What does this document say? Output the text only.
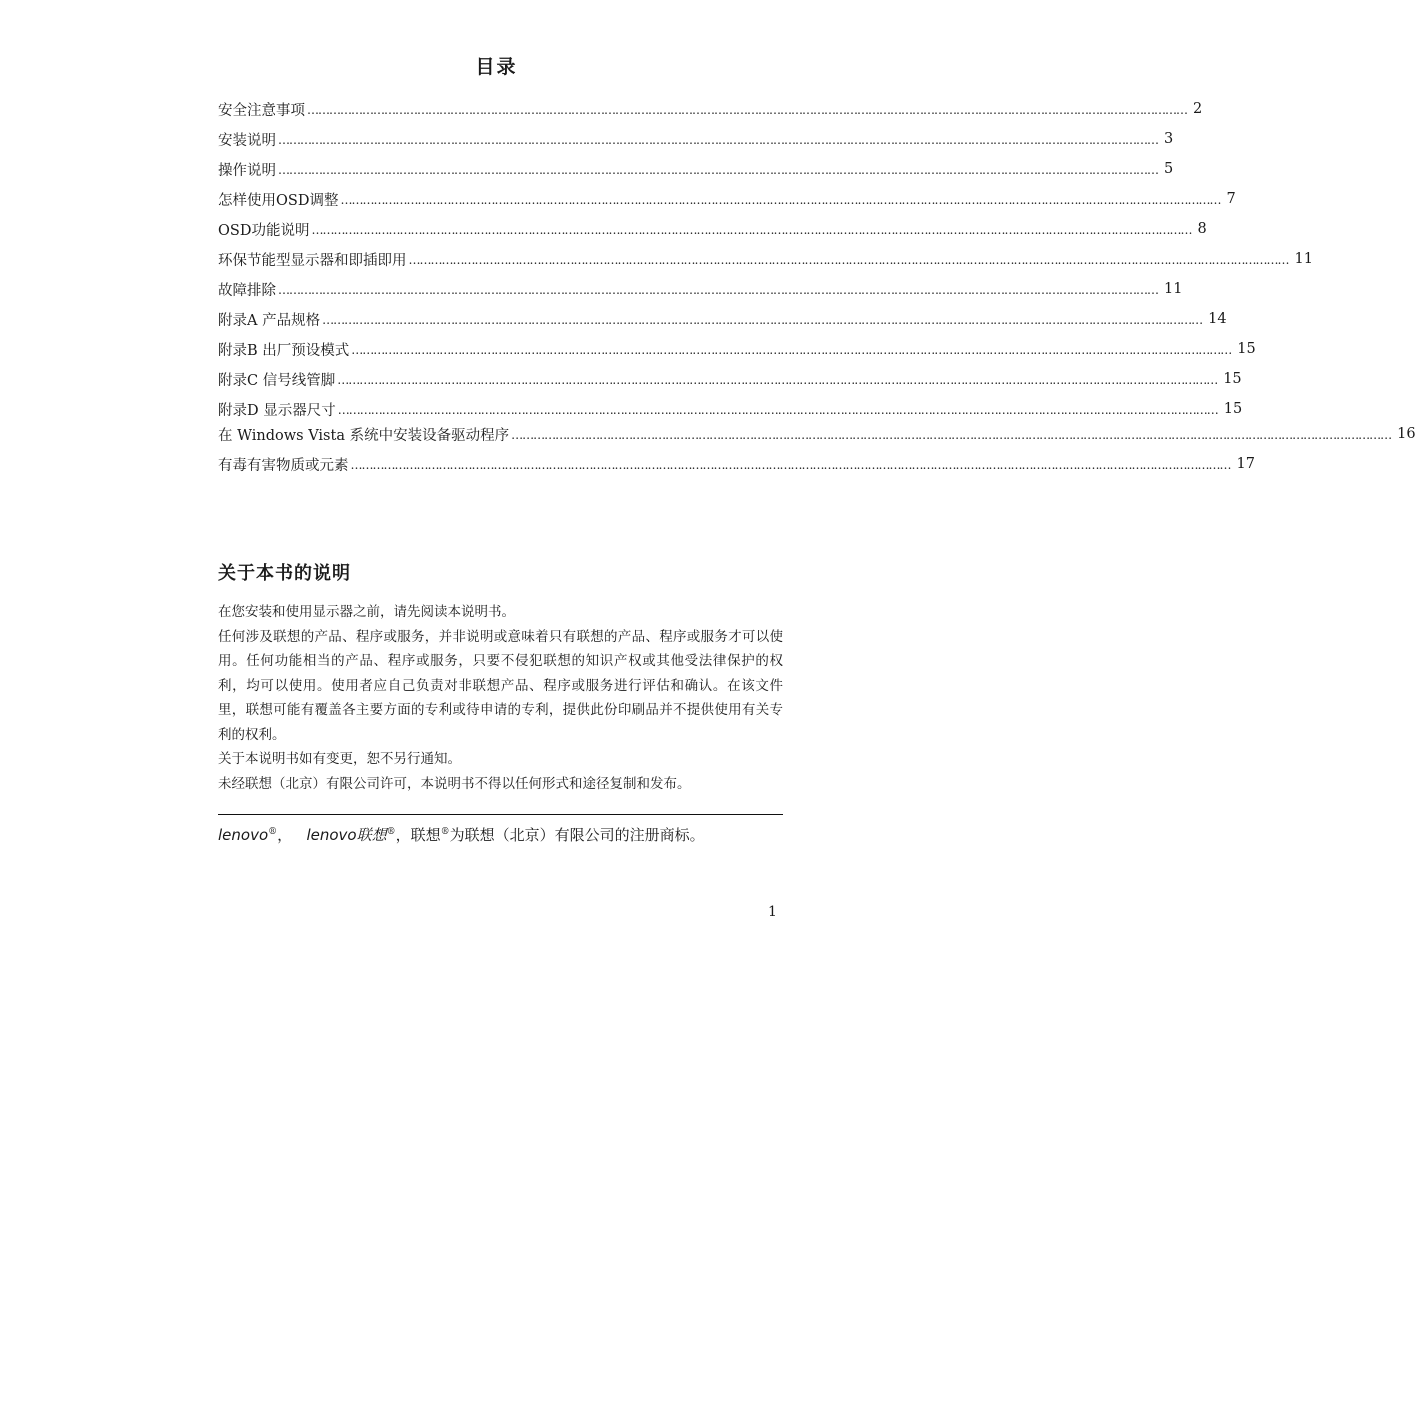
目录
安全注意事项 …………………………………………………………………………………………………………………………………………………………………………………………………………………… 2
安装说明 …………………………………………………………………………………………………………………………………………………………………………………………………………………… 3
操作说明 …………………………………………………………………………………………………………………………………………………………………………………………………………………… 5
怎样使用OSD调整 …………………………………………………………………………………………………………………………………………………………………………………………………………………… 7
OSD功能说明 …………………………………………………………………………………………………………………………………………………………………………………………………………………… 8
环保节能型显示器和即插即用 …………………………………………………………………………………………………………………………………………………………………………………………………………………… 11
故障排除 …………………………………………………………………………………………………………………………………………………………………………………………………………………… 11
附录A 产品规格 …………………………………………………………………………………………………………………………………………………………………………………………………………………… 14
附录B 出厂预设模式 …………………………………………………………………………………………………………………………………………………………………………………………………………………… 15
附录C 信号线管脚 …………………………………………………………………………………………………………………………………………………………………………………………………………………… 15
附录D 显示器尺寸 …………………………………………………………………………………………………………………………………………………………………………………………………………………… 15
在 Windows Vista 系统中安装设备驱动程序 …………………………………………………………………………………………………………………………………………………………………………………………………………………… 16
有毒有害物质或元素 …………………………………………………………………………………………………………………………………………………………………………………………………………………… 17
关于本书的说明

在您安装和使用显示器之前，请先阅读本说明书。

任何涉及联想的产品、程序或服务，并非说明或意味着只有联想的产品、程序或服务才可以使用。任何功能相当的产品、程序或服务，只要不侵犯联想的知识产权或其他受法律保护的权利，均可以使用。使用者应自己负责对非联想产品、程序或服务进行评估和确认。在该文件里，联想可能有覆盖各主要方面的专利或待申请的专利，提供此份印刷品并不提供使用有关专利的权利。

关于本说明书如有变更，恕不另行通知。

未经联想（北京）有限公司许可，本说明书不得以任何形式和途径复制和发布。

lenovo®， lenovo联想®，联想®为联想（北京）有限公司的注册商标。
1
